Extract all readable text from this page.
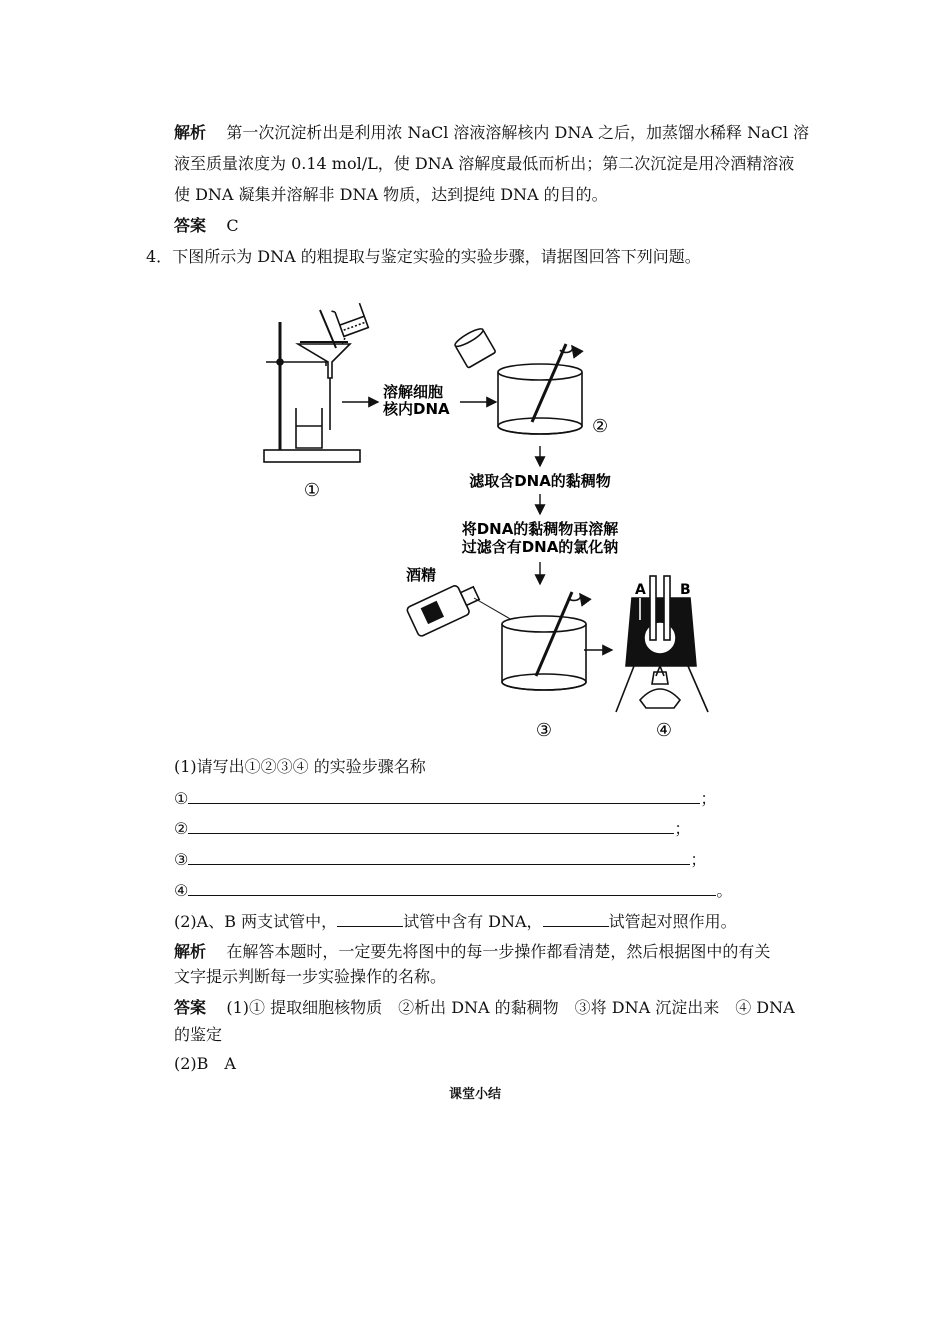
解析 第一次沉淀析出是利用浓 NaCl 溶液溶解核内 DNA 之后，加蒸馏水稀释 NaCl 溶
液至质量浓度为 0.14 mol/L，使 DNA 溶解度最低而析出；第二次沉淀是用冷酒精溶液
使 DNA 凝集并溶解非 DNA 物质，达到提纯 DNA 的目的。
答案 C
4．下图所示为 DNA 的粗提取与鉴定实验的实验步骤，请据图回答下列问题。
①
溶解细胞
核内DNA
②
滤取含DNA的黏稠物
将DNA的黏稠物再溶解
过滤含有DNA的氯化钠
酒精
③
A B
④
(1)请写出①②③④ 的实验步骤名称
①	；
②	；
③	；
④	。
(2)A、B 两支试管中，	试管中含有 DNA，	试管起对照作用。
解析 在解答本题时，一定要先将图中的每一步操作都看清楚，然后根据图中的有关
文字提示判断每一步实验操作的名称。
答案 (1)① 提取细胞核物质　②析出 DNA 的黏稠物　③将 DNA 沉淀出来　④ DNA
的鉴定
(2)B　A
课堂小结
